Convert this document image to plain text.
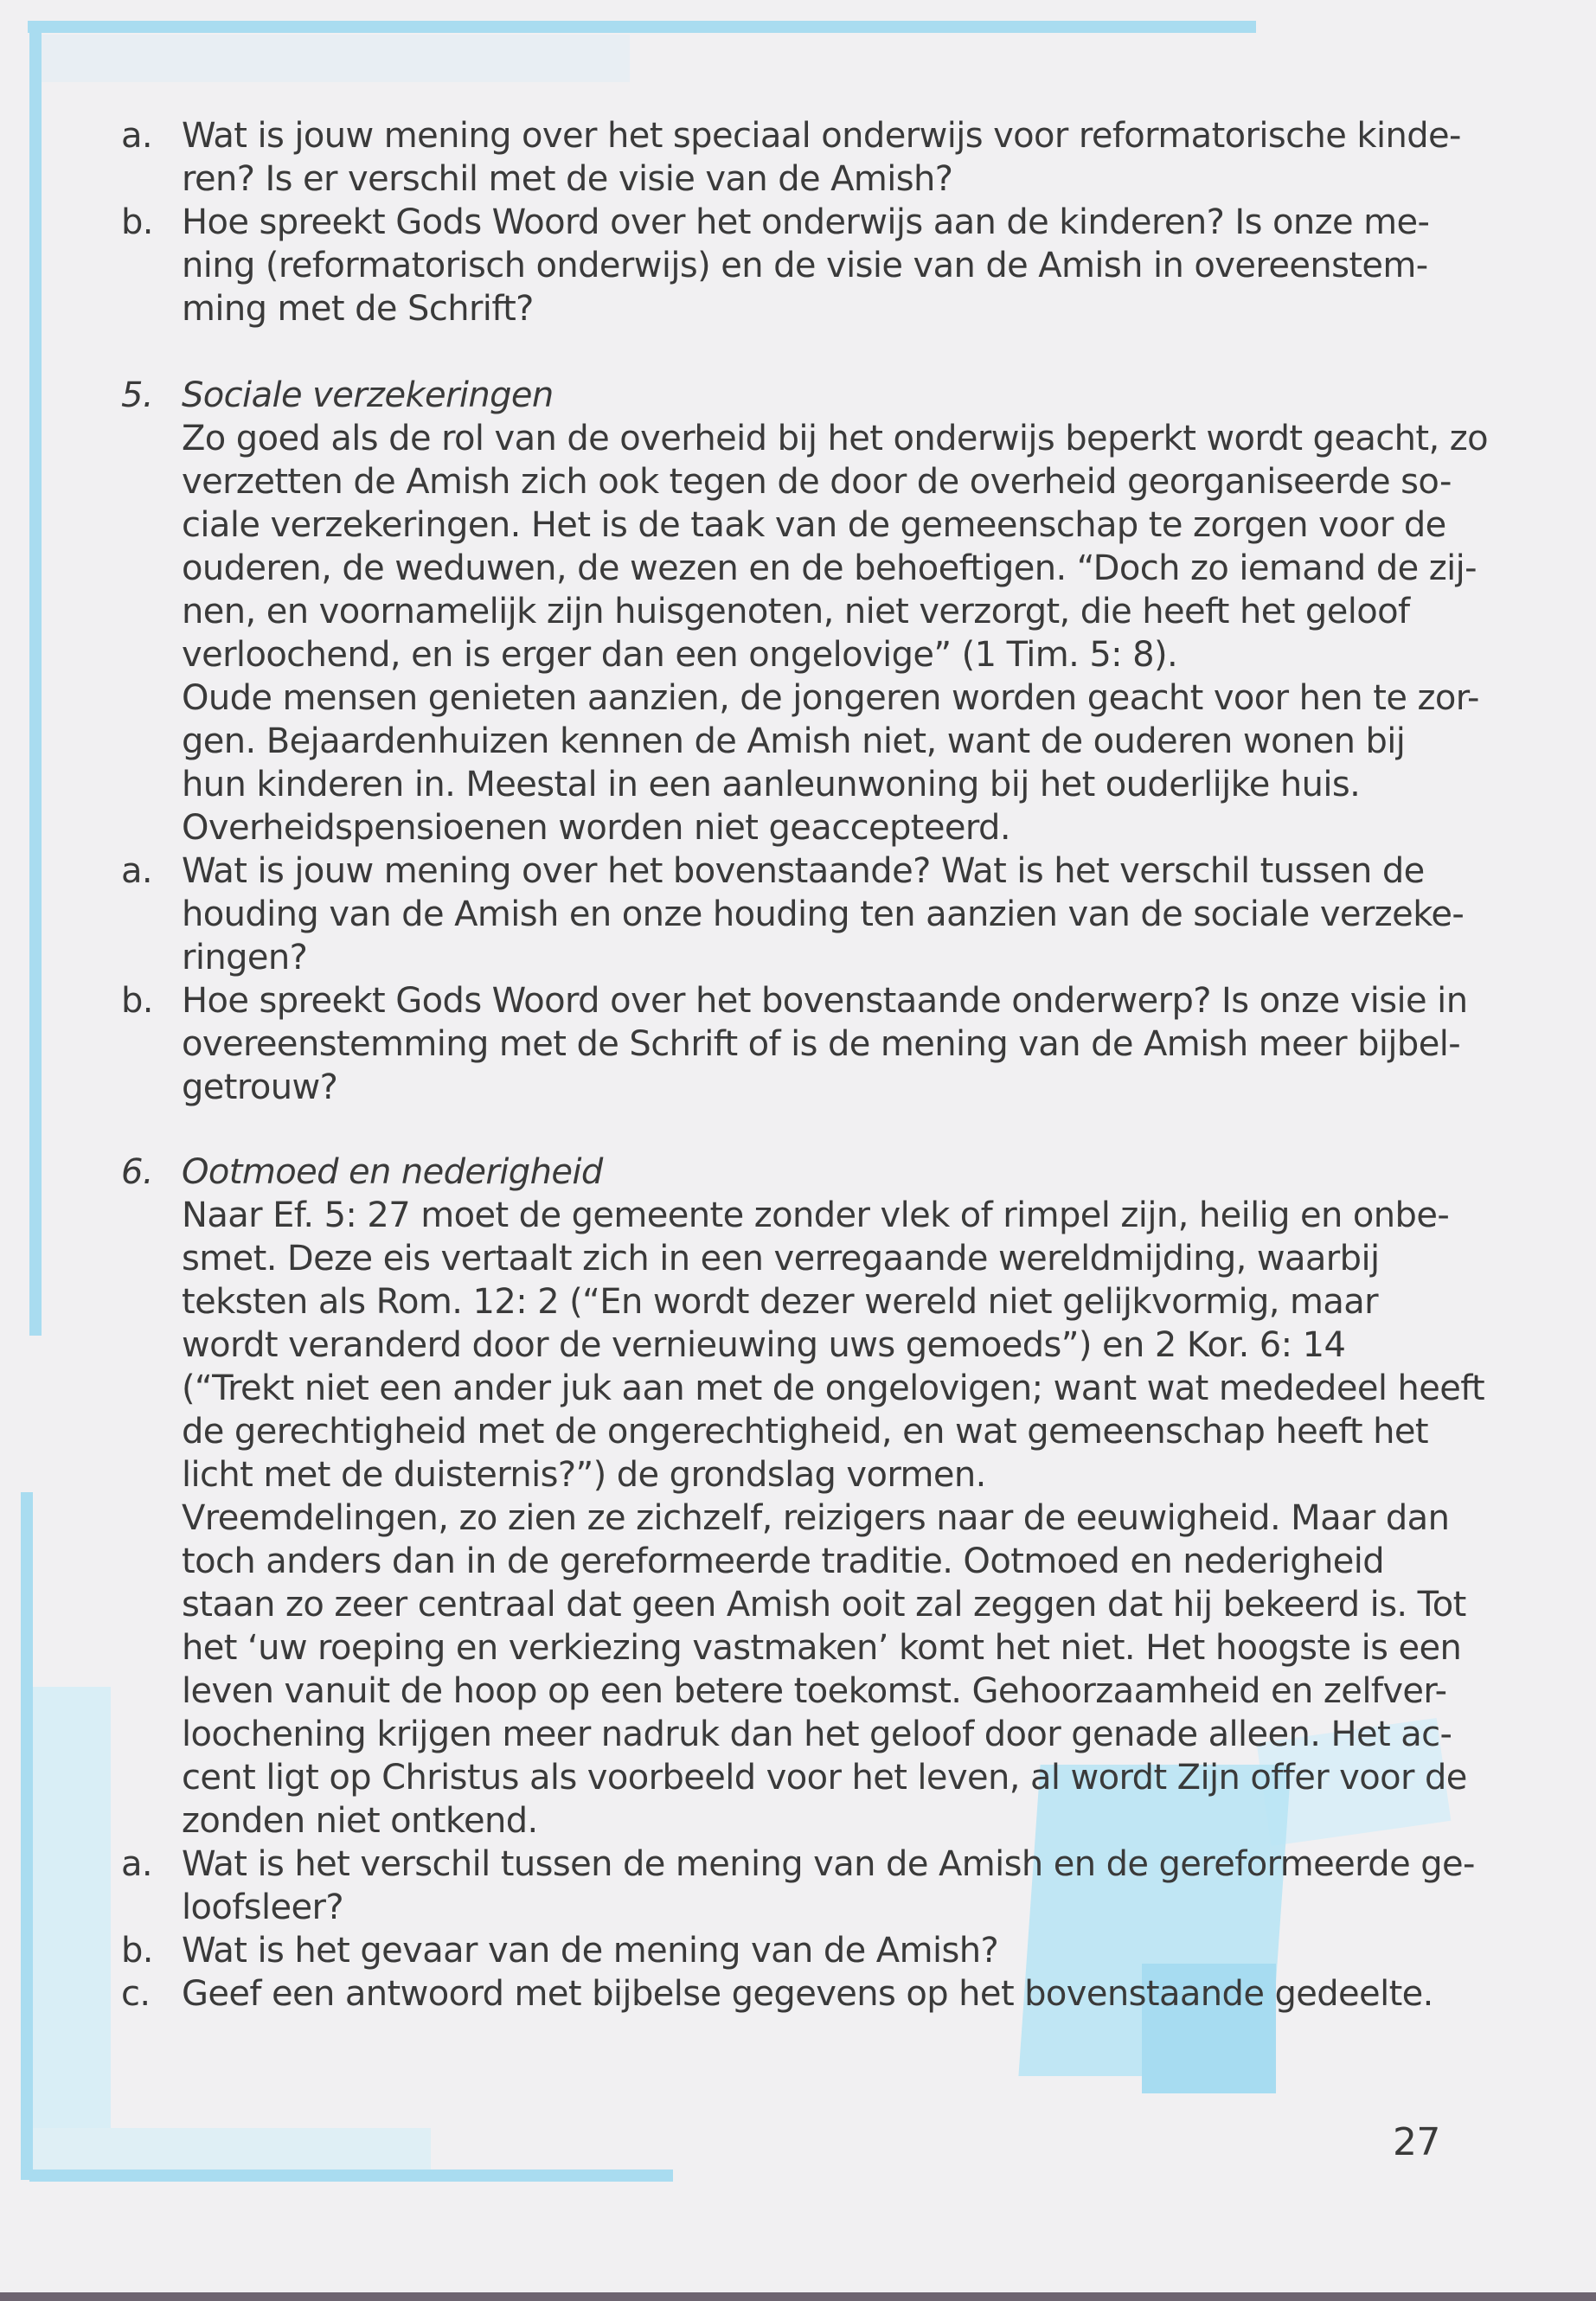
a. Wat is jouw mening over het speciaal onderwijs voor reformatorische kinde-
ren? Is er verschil met de visie van de Amish?
b. Hoe spreekt Gods Woord over het onderwijs aan de kinderen? Is onze me-
ning (reformatorisch onderwijs) en de visie van de Amish in overeenstem-
ming met de Schrift?
5. Sociale verzekeringen
Zo goed als de rol van de overheid bij het onderwijs beperkt wordt geacht, zo
verzetten de Amish zich ook tegen de door de overheid georganiseerde so-
ciale verzekeringen. Het is de taak van de gemeenschap te zorgen voor de
ouderen, de weduwen, de wezen en de behoeftigen. “Doch zo iemand de zij-
nen, en voornamelijk zijn huisgenoten, niet verzorgt, die heeft het geloof
verloochend, en is erger dan een ongelovige” (1 Tim. 5: 8).
Oude mensen genieten aanzien, de jongeren worden geacht voor hen te zor-
gen. Bejaardenhuizen kennen de Amish niet, want de ouderen wonen bij
hun kinderen in. Meestal in een aanleunwoning bij het ouderlijke huis.
Overheidspensioenen worden niet geaccepteerd.
a. Wat is jouw mening over het bovenstaande? Wat is het verschil tussen de
houding van de Amish en onze houding ten aanzien van de sociale verzeke-
ringen?
b. Hoe spreekt Gods Woord over het bovenstaande onderwerp? Is onze visie in
overeenstemming met de Schrift of is de mening van de Amish meer bijbel-
getrouw?
6. Ootmoed en nederigheid
Naar Ef. 5: 27 moet de gemeente zonder vlek of rimpel zijn, heilig en onbe-
smet. Deze eis vertaalt zich in een verregaande wereldmijding, waarbij
teksten als Rom. 12: 2 (“En wordt dezer wereld niet gelijkvormig, maar
wordt veranderd door de vernieuwing uws gemoeds”) en 2 Kor. 6: 14
(“Trekt niet een ander juk aan met de ongelovigen; want wat mededeel heeft
de gerechtigheid met de ongerechtigheid, en wat gemeenschap heeft het
licht met de duisternis?”) de grondslag vormen.
Vreemdelingen, zo zien ze zichzelf, reizigers naar de eeuwigheid. Maar dan
toch anders dan in de gereformeerde traditie. Ootmoed en nederigheid
staan zo zeer centraal dat geen Amish ooit zal zeggen dat hij bekeerd is. Tot
het ‘uw roeping en verkiezing vastmaken’ komt het niet. Het hoogste is een
leven vanuit de hoop op een betere toekomst. Gehoorzaamheid en zelfver-
loochening krijgen meer nadruk dan het geloof door genade alleen. Het ac-
cent ligt op Christus als voorbeeld voor het leven, al wordt Zijn offer voor de
zonden niet ontkend.
a. Wat is het verschil tussen de mening van de Amish en de gereformeerde ge-
loofsleer?
b. Wat is het gevaar van de mening van de Amish?
c. Geef een antwoord met bijbelse gegevens op het bovenstaande gedeelte.
27
